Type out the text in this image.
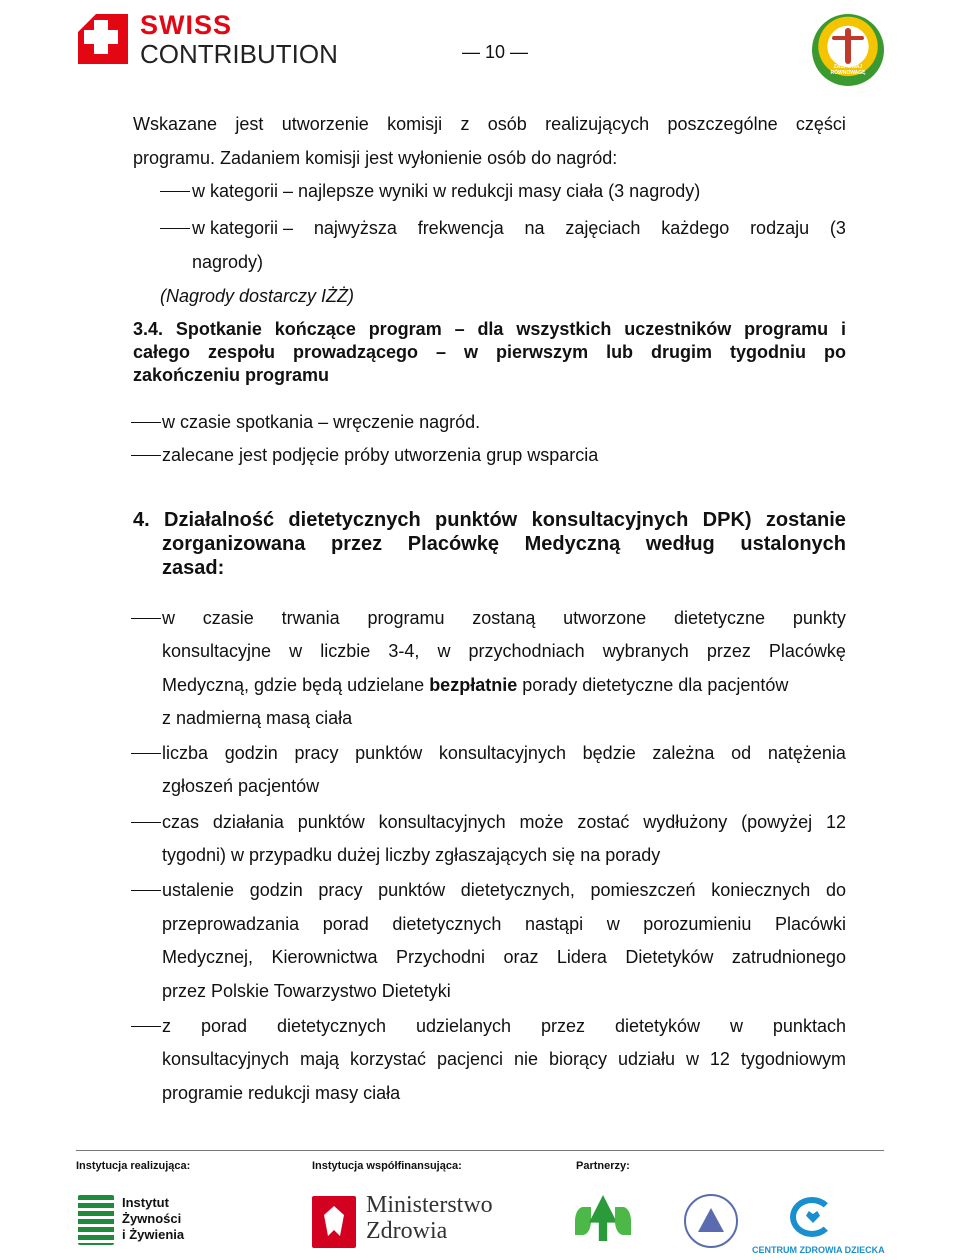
SWISS
CONTRIBUTION	— 10 —
ZACHOWAJ RÓWNOWAGĘ
Wskazane jest utworzenie komisji z osób realizujących poszczególne części
programu. Zadaniem komisji jest wyłonienie osób do nagród:
w kategorii – najlepsze wyniki w redukcji masy ciała (3 nagrody)
w kategorii – najwyższa frekwencja na zajęciach każdego rodzaju (3
nagrody)
(Nagrody dostarczy IŻŻ)
3.4. Spotkanie kończące program – dla wszystkich uczestników programu i
całego zespołu prowadzącego – w pierwszym lub drugim tygodniu po
zakończeniu programu
w czasie spotkania – wręczenie nagród.
zalecane jest podjęcie próby utworzenia grup wsparcia
4. Działalność dietetycznych punktów konsultacyjnych DPK) zostanie
zorganizowana przez Placówkę Medyczną według ustalonych
zasad:
w czasie trwania programu zostaną utworzone dietetyczne punkty
konsultacyjne w liczbie 3-4, w przychodniach wybranych przez Placówkę
Medyczną, gdzie będą udzielane bezpłatnie porady dietetyczne dla pacjentów
z nadmierną masą ciała
liczba godzin pracy punktów konsultacyjnych będzie zależna od natężenia
zgłoszeń pacjentów
czas działania punktów konsultacyjnych może zostać wydłużony (powyżej 12
tygodni) w przypadku dużej liczby zgłaszających się na porady
ustalenie godzin pracy punktów dietetycznych, pomieszczeń koniecznych do
przeprowadzania porad dietetycznych nastąpi w porozumieniu Placówki
Medycznej, Kierownictwa Przychodni oraz Lidera Dietetyków zatrudnionego
przez Polskie Towarzystwo Dietetyki
z porad dietetycznych udzielanych przez dietetyków w punktach
konsultacyjnych mają korzystać pacjenci nie biorący udziału w 12 tygodniowym
programie redukcji masy ciała
Instytucja realizująca:	Instytucja współfinansująca:	Partnerzy:
Instytut
Żywności
i Żywienia
Ministerstwo
Zdrowia
CENTRUM ZDROWIA DZIECKA
